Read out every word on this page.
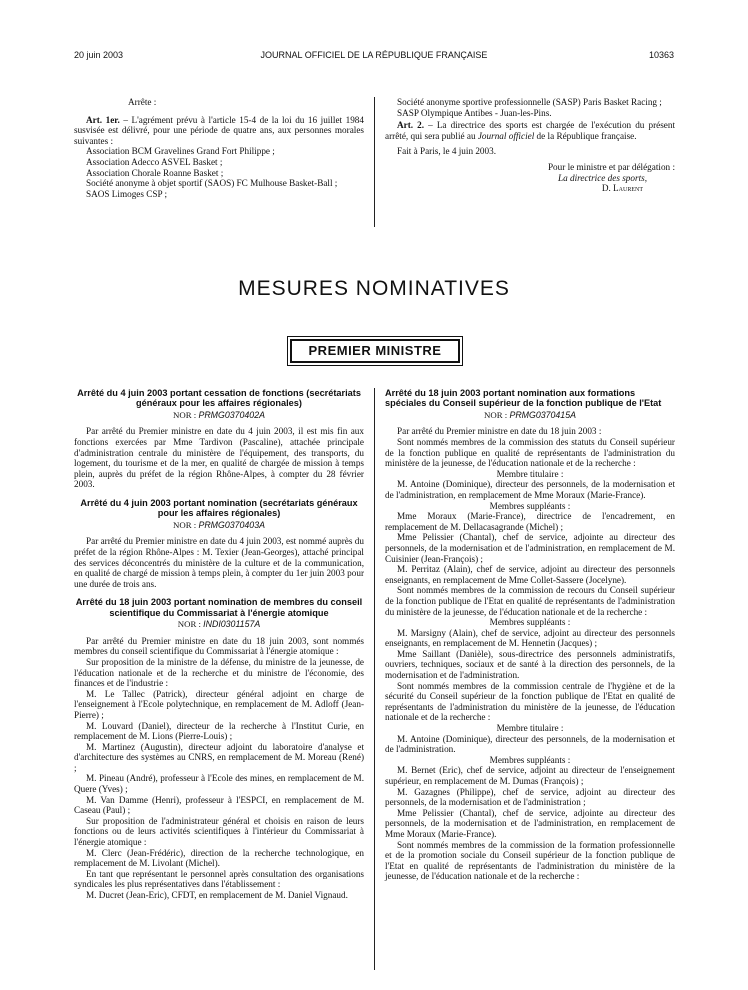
20 juin 2003	JOURNAL OFFICIEL DE LA RÉPUBLIQUE FRANÇAISE	10363

Arrête :

Art. 1er. – L'agrément prévu à l'article 15-4 de la loi du 16 juillet 1984 susvisée est délivré, pour une période de quatre ans, aux personnes morales suivantes :

Association BCM Gravelines Grand Fort Philippe ;

Association Adecco ASVEL Basket ;

Association Chorale Roanne Basket ;

Société anonyme à objet sportif (SAOS) FC Mulhouse Basket-Ball ;

SAOS Limoges CSP ;

Société anonyme sportive professionnelle (SASP) Paris Basket Racing ;

SASP Olympique Antibes - Juan-les-Pins.

Art. 2. – La directrice des sports est chargée de l'exécution du présent arrêté, qui sera publié au Journal officiel de la République française.

Fait à Paris, le 4 juin 2003.

Pour le ministre et par délégation :

La directrice des sports,

D. Laurent

MESURES NOMINATIVES
PREMIER MINISTRE
Arrêté du 4 juin 2003 portant cessation de fonctions (secrétariats généraux pour les affaires régionales)
NOR : PRMG0370402A

Par arrêté du Premier ministre en date du 4 juin 2003, il est mis fin aux fonctions exercées par Mme Tardivon (Pascaline), attachée principale d'administration centrale du ministère de l'équipement, des transports, du logement, du tourisme et de la mer, en qualité de chargée de mission à temps plein, auprès du préfet de la région Rhône-Alpes, à compter du 28 février 2003.

Arrêté du 4 juin 2003 portant nomination (secrétariats généraux pour les affaires régionales)
NOR : PRMG0370403A

Par arrêté du Premier ministre en date du 4 juin 2003, est nommé auprès du préfet de la région Rhône-Alpes : M. Texier (Jean-Georges), attaché principal des services déconcentrés du ministère de la culture et de la communication, en qualité de chargé de mission à temps plein, à compter du 1er juin 2003 pour une durée de trois ans.

Arrêté du 18 juin 2003 portant nomination de membres du conseil scientifique du Commissariat à l'énergie atomique
NOR : INDI0301157A

Par arrêté du Premier ministre en date du 18 juin 2003, sont nommés membres du conseil scientifique du Commissariat à l'énergie atomique :

Sur proposition de la ministre de la défense, du ministre de la jeunesse, de l'éducation nationale et de la recherche et du ministre de l'économie, des finances et de l'industrie :

M. Le Tallec (Patrick), directeur général adjoint en charge de l'enseignement à l'Ecole polytechnique, en remplacement de M. Adloff (Jean-Pierre) ;

M. Louvard (Daniel), directeur de la recherche à l'Institut Curie, en remplacement de M. Lions (Pierre-Louis) ;

M. Martinez (Augustin), directeur adjoint du laboratoire d'analyse et d'architecture des systèmes au CNRS, en remplacement de M. Moreau (René) ;

M. Pineau (André), professeur à l'Ecole des mines, en remplacement de M. Quere (Yves) ;

M. Van Damme (Henri), professeur à l'ESPCI, en remplacement de M. Caseau (Paul) ;

Sur proposition de l'administrateur général et choisis en raison de leurs fonctions ou de leurs activités scientifiques à l'intérieur du Commissariat à l'énergie atomique :

M. Clerc (Jean-Frédéric), direction de la recherche technologique, en remplacement de M. Livolant (Michel).

En tant que représentant le personnel après consultation des organisations syndicales les plus représentatives dans l'établissement :

M. Ducret (Jean-Eric), CFDT, en remplacement de M. Daniel Vignaud.

Arrêté du 18 juin 2003 portant nomination aux formations spéciales du Conseil supérieur de la fonction publique de l'Etat
NOR : PRMG0370415A

Par arrêté du Premier ministre en date du 18 juin 2003 :

Sont nommés membres de la commission des statuts du Conseil supérieur de la fonction publique en qualité de représentants de l'administration du ministère de la jeunesse, de l'éducation nationale et de la recherche :

Membre titulaire :

M. Antoine (Dominique), directeur des personnels, de la modernisation et de l'administration, en remplacement de Mme Moraux (Marie-France).

Membres suppléants :

Mme Moraux (Marie-France), directrice de l'encadrement, en remplacement de M. Dellacasagrande (Michel) ;

Mme Pelissier (Chantal), chef de service, adjointe au directeur des personnels, de la modernisation et de l'administration, en remplacement de M. Cuisinier (Jean-François) ;

M. Perritaz (Alain), chef de service, adjoint au directeur des personnels enseignants, en remplacement de Mme Collet-Sassere (Jocelyne).

Sont nommés membres de la commission de recours du Conseil supérieur de la fonction publique de l'Etat en qualité de représentants de l'administration du ministère de la jeunesse, de l'éducation nationale et de la recherche :

Membres suppléants :

M. Marsigny (Alain), chef de service, adjoint au directeur des personnels enseignants, en remplacement de M. Hennetin (Jacques) ;

Mme Saillant (Danièle), sous-directrice des personnels administratifs, ouvriers, techniques, sociaux et de santé à la direction des personnels, de la modernisation et de l'administration.

Sont nommés membres de la commission centrale de l'hygiène et de la sécurité du Conseil supérieur de la fonction publique de l'Etat en qualité de représentants de l'administration du ministère de la jeunesse, de l'éducation nationale et de la recherche :

Membre titulaire :

M. Antoine (Dominique), directeur des personnels, de la modernisation et de l'administration.

Membres suppléants :

M. Bernet (Eric), chef de service, adjoint au directeur de l'enseignement supérieur, en remplacement de M. Dumas (François) ;

M. Gazagnes (Philippe), chef de service, adjoint au directeur des personnels, de la modernisation et de l'administration ;

Mme Pelissier (Chantal), chef de service, adjointe au directeur des personnels, de la modernisation et de l'administration, en remplacement de Mme Moraux (Marie-France).

Sont nommés membres de la commission de la formation professionnelle et de la promotion sociale du Conseil supérieur de la fonction publique de l'Etat en qualité de représentants de l'administration du ministère de la jeunesse, de l'éducation nationale et de la recherche :
